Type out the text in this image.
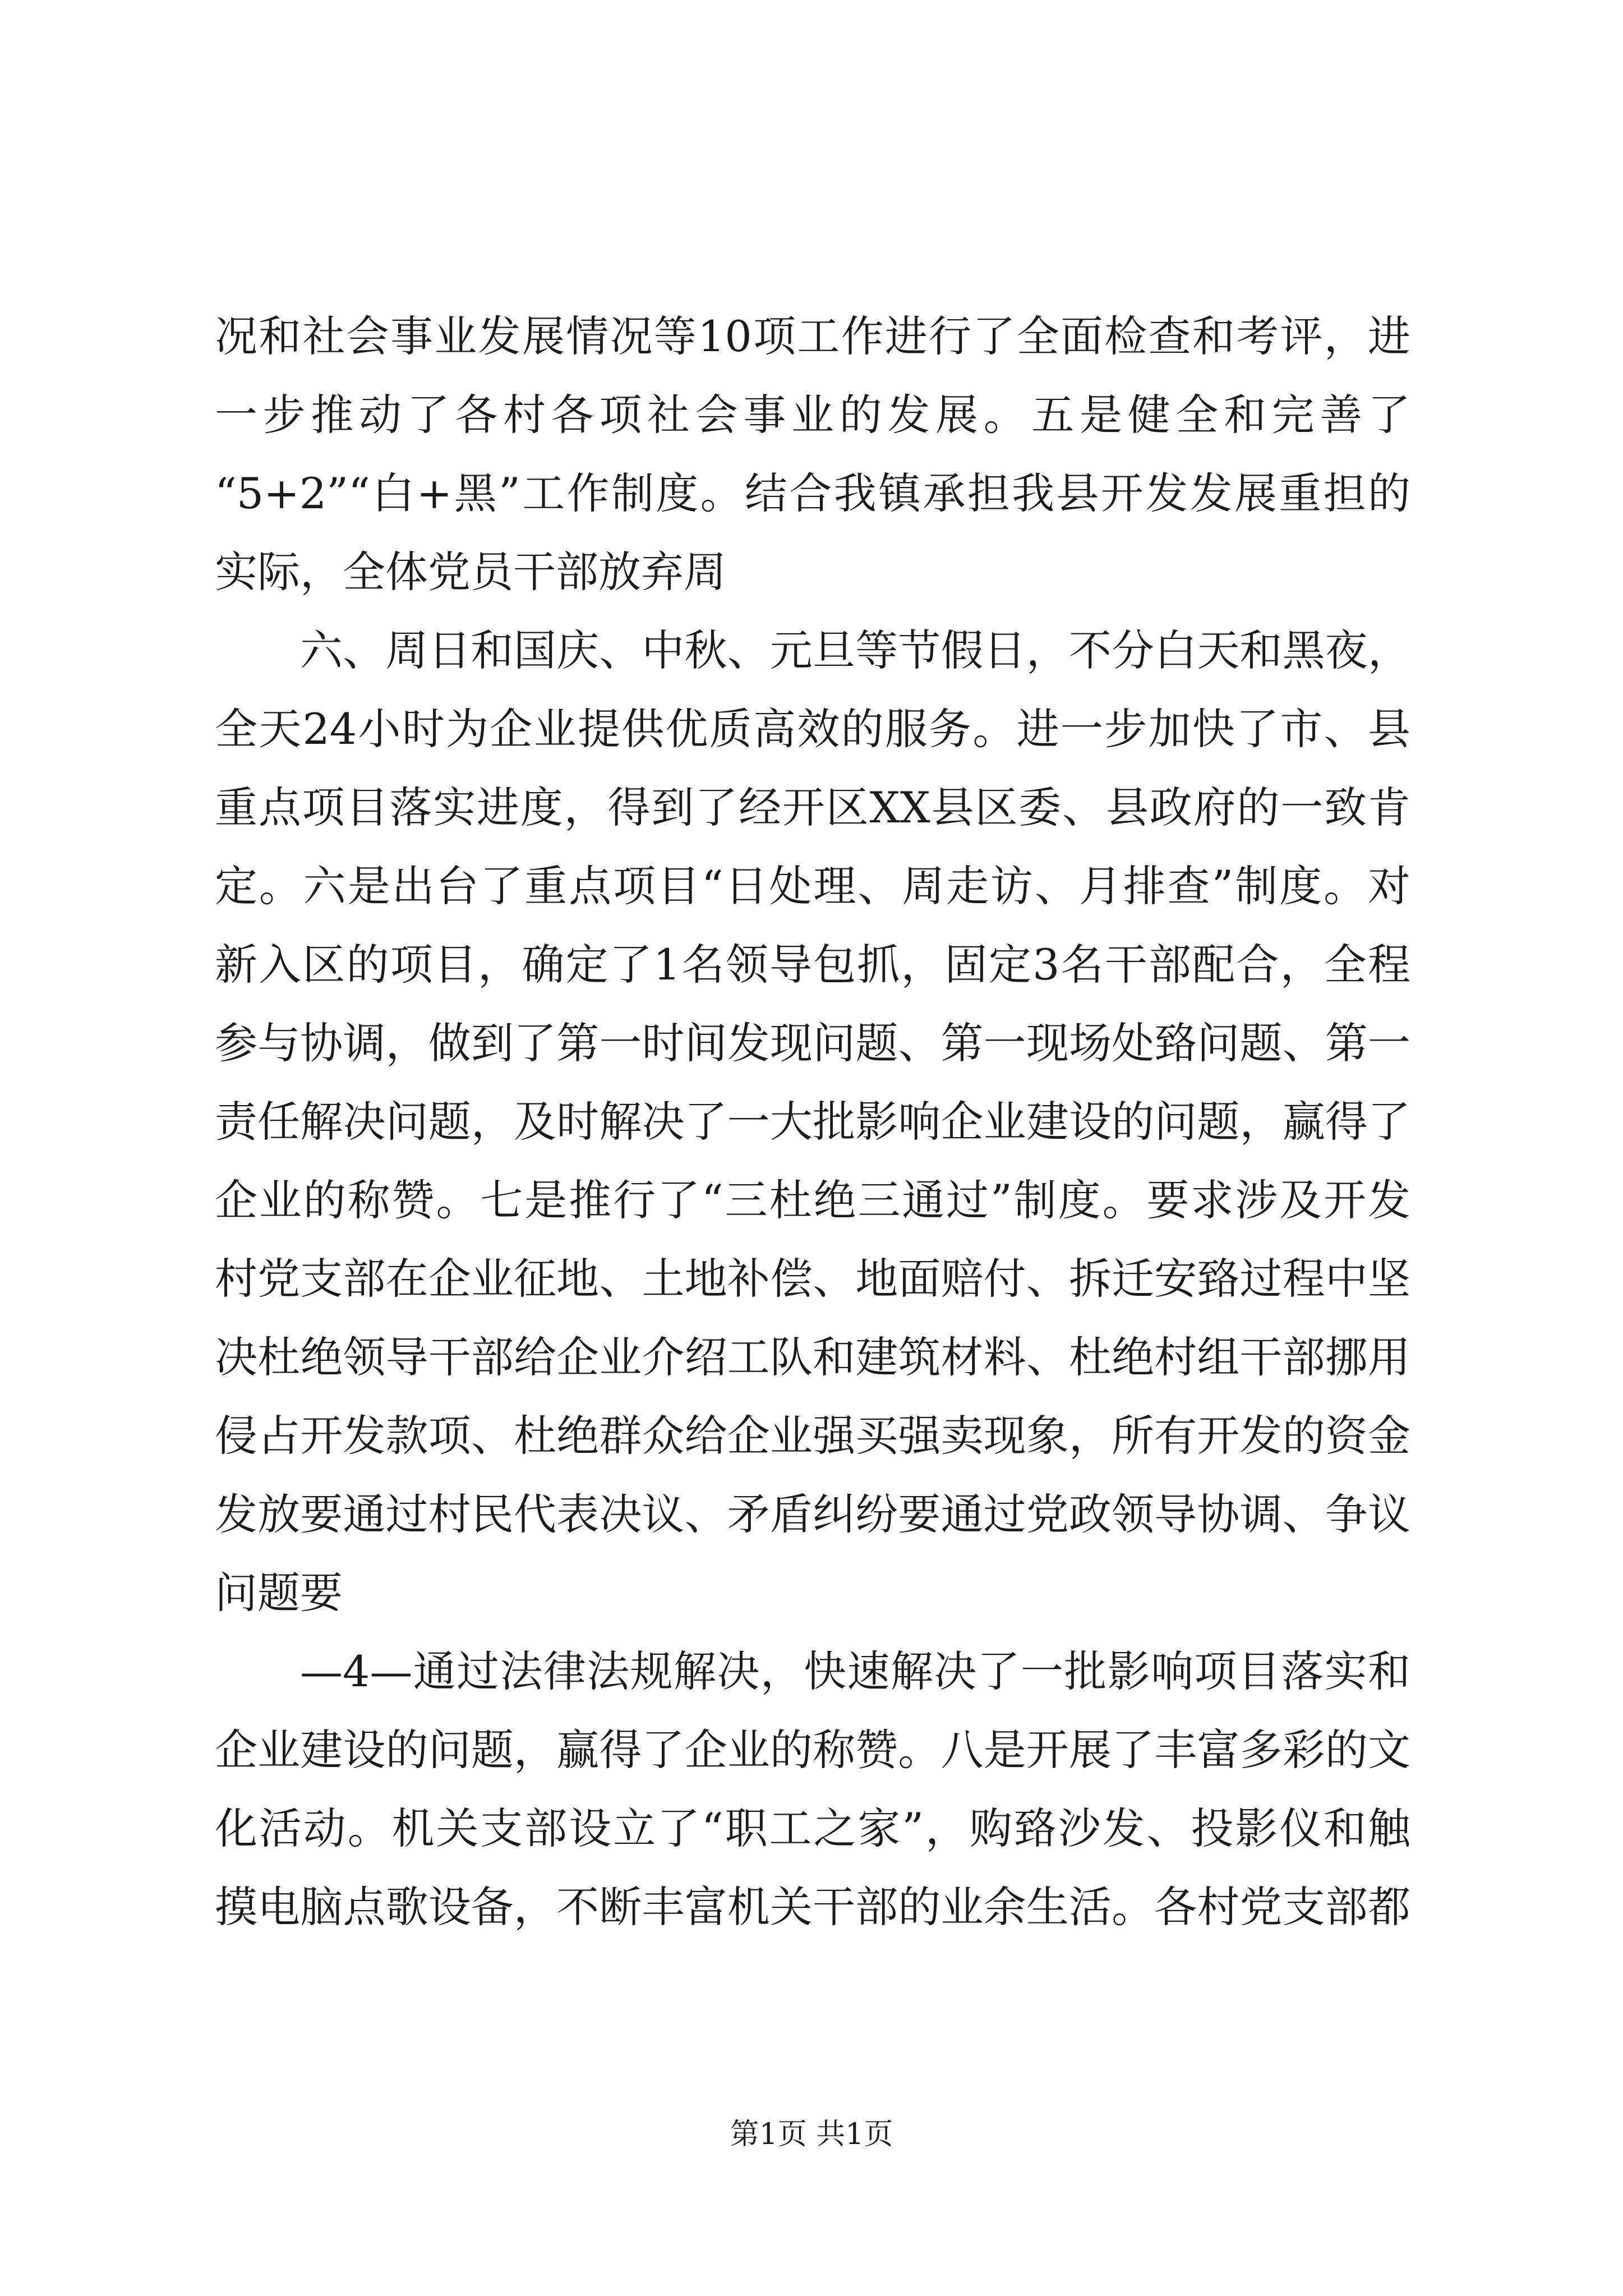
况和社会事业发展情况等10项工作进行了全面检查和考评，进
一步推动了各村各项社会事业的发展。五是健全和完善了
“5+2”“白+黑”工作制度。结合我镇承担我县开发发展重担的
实际，全体党员干部放弃周
六、周日和国庆、中秋、元旦等节假日，不分白天和黑夜，
全天24小时为企业提供优质高效的服务。进一步加快了市、县
重点项目落实进度，得到了经开区XX县区委、县政府的一致肯
定。六是出台了重点项目“日处理、周走访、月排查”制度。对
新入区的项目，确定了1名领导包抓，固定3名干部配合，全程
参与协调，做到了第一时间发现问题、第一现场处臵问题、第一
责任解决问题，及时解决了一大批影响企业建设的问题，赢得了
企业的称赞。七是推行了“三杜绝三通过”制度。要求涉及开发
村党支部在企业征地、土地补偿、地面赔付、拆迁安臵过程中坚
决杜绝领导干部给企业介绍工队和建筑材料、杜绝村组干部挪用
侵占开发款项、杜绝群众给企业强买强卖现象，所有开发的资金
发放要通过村民代表决议、矛盾纠纷要通过党政领导协调、争议
问题要
—4—通过法律法规解决，快速解决了一批影响项目落实和
企业建设的问题，赢得了企业的称赞。八是开展了丰富多彩的文
化活动。机关支部设立了“职工之家”，购臵沙发、投影仪和触
摸电脑点歌设备，不断丰富机关干部的业余生活。各村党支部都
第1页 共1页
